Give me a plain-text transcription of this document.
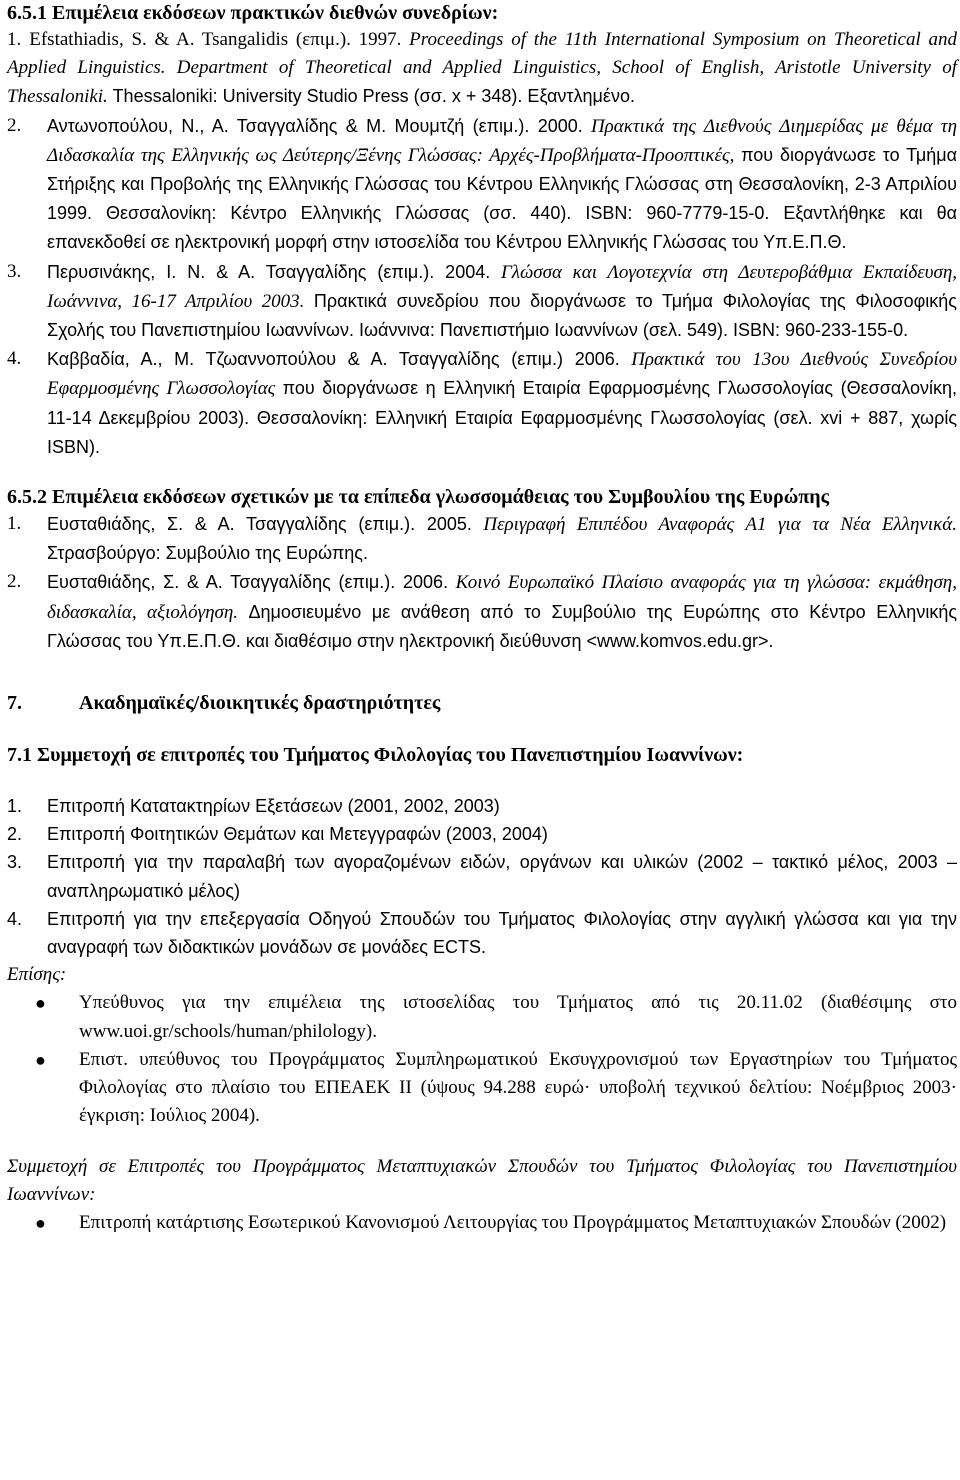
6.5.1 Επιμέλεια εκδόσεων πρακτικών διεθνών συνεδρίων:

1. Efstathiadis, S. & A. Tsangalidis (επιμ.). 1997. Proceedings of the 11th International Symposium on Theoretical and Applied Linguistics. Department of Theoretical and Applied Linguistics, School of English, Aristotle University of Thessaloniki. Thessaloniki: University Studio Press (σσ. x + 348). Εξαντλημένο.

2. Αντωνοπούλου, Ν., Α. Τσαγγαλίδης & Μ. Μουμτζή (επιμ.). 2000. Πρακτικά της Διεθνούς Διημερίδας με θέμα τη Διδασκαλία της Ελληνικής ως Δεύτερης/Ξένης Γλώσσας: Αρχές-Προβλήματα-Προοπτικές, που διοργάνωσε το Τμήμα Στήριξης και Προβολής της Ελληνικής Γλώσσας του Κέντρου Ελληνικής Γλώσσας στη Θεσσαλονίκη, 2-3 Απριλίου 1999. Θεσσαλονίκη: Κέντρο Ελληνικής Γλώσσας (σσ. 440). ISBN: 960-7779-15-0. Εξαντλήθηκε και θα επανεκδοθεί σε ηλεκτρονική μορφή στην ιστοσελίδα του Κέντρου Ελληνικής Γλώσσας του Υπ.Ε.Π.Θ.

3. Περυσινάκης, Ι. Ν. & Α. Τσαγγαλίδης (επιμ.). 2004. Γλώσσα και Λογοτεχνία στη Δευτεροβάθμια Εκπαίδευση, Ιωάννινα, 16-17 Απριλίου 2003. Πρακτικά συνεδρίου που διοργάνωσε το Τμήμα Φιλολογίας της Φιλοσοφικής Σχολής του Πανεπιστημίου Ιωαννίνων. Ιωάννινα: Πανεπιστήμιο Ιωαννίνων (σελ. 549). ISBN: 960-233-155-0.

4. Καββαδία, Α., Μ. Τζωαννοπούλου & Α. Τσαγγαλίδης (επιμ.) 2006. Πρακτικά του 13ου Διεθνούς Συνεδρίου Εφαρμοσμένης Γλωσσολογίας που διοργάνωσε η Ελληνική Εταιρία Εφαρμοσμένης Γλωσσολογίας (Θεσσαλονίκη, 11-14 Δεκεμβρίου 2003). Θεσσαλονίκη: Ελληνική Εταιρία Εφαρμοσμένης Γλωσσολογίας (σελ. xvi + 887, χωρίς ISBN).

6.5.2 Επιμέλεια εκδόσεων σχετικών με τα επίπεδα γλωσσομάθειας του Συμβουλίου της Ευρώπης

1. Ευσταθιάδης, Σ. & Α. Τσαγγαλίδης (επιμ.). 2005. Περιγραφή Επιπέδου Αναφοράς Α1 για τα Νέα Ελληνικά. Στρασβούργο: Συμβούλιο της Ευρώπης.

2. Ευσταθιάδης, Σ. & Α. Τσαγγαλίδης (επιμ.). 2006. Κοινό Ευρωπαϊκό Πλαίσιο αναφοράς για τη γλώσσα: εκμάθηση, διδασκαλία, αξιολόγηση. Δημοσιευμένο με ανάθεση από το Συμβούλιο της Ευρώπης στο Κέντρο Ελληνικής Γλώσσας του Υπ.Ε.Π.Θ. και διαθέσιμο στην ηλεκτρονική διεύθυνση <www.komvos.edu.gr>.

7.	Ακαδημαϊκές/διοικητικές δραστηριότητες

7.1 Συμμετοχή σε επιτροπές του Τμήματος Φιλολογίας του Πανεπιστημίου Ιωαννίνων:

1. Επιτροπή Κατατακτηρίων Εξετάσεων (2001, 2002, 2003)

2. Επιτροπή Φοιτητικών Θεμάτων και Μετεγγραφών (2003, 2004)

3. Επιτροπή για την παραλαβή των αγοραζομένων ειδών, οργάνων και υλικών (2002 – τακτικό μέλος, 2003 – αναπληρωματικό μέλος)

4. Επιτροπή για την επεξεργασία Οδηγού Σπουδών του Τμήματος Φιλολογίας στην αγγλική γλώσσα και για την αναγραφή των διδακτικών μονάδων σε μονάδες ECTS.

Επίσης:

● Υπεύθυνος για την επιμέλεια της ιστοσελίδας του Τμήματος από τις 20.11.02 (διαθέσιμης στο www.uoi.gr/schools/human/philology).

● Επιστ. υπεύθυνος του Προγράμματος Συμπληρωματικού Εκσυγχρονισμού των Εργαστηρίων του Τμήματος Φιλολογίας στο πλαίσιο του ΕΠΕΑΕΚ ΙΙ (ύψους 94.288 ευρώ· υποβολή τεχνικού δελτίου: Νοέμβριος 2003· έγκριση: Ιούλιος 2004).

Συμμετοχή σε Επιτροπές του Προγράμματος Μεταπτυχιακών Σπουδών του Τμήματος Φιλολογίας του Πανεπιστημίου Ιωαννίνων:

● Επιτροπή κατάρτισης Εσωτερικού Κανονισμού Λειτουργίας του Προγράμματος Μεταπτυχιακών Σπουδών (2002)
